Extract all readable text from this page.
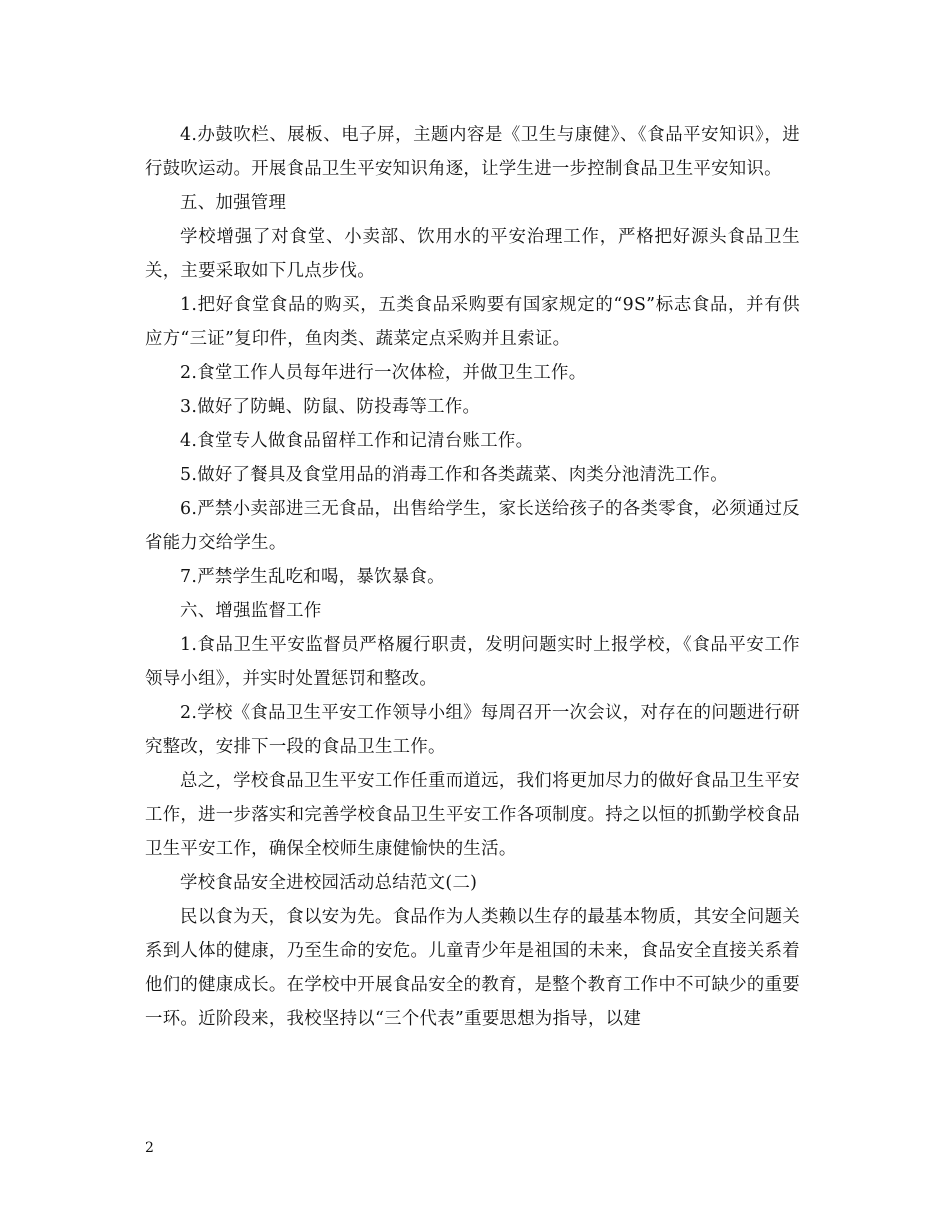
4.办鼓吹栏、展板、电子屏，主题内容是《卫生与康健》、《食品平安知识》，进行鼓吹运动。开展食品卫生平安知识角逐，让学生进一步控制食品卫生平安知识。

五、加强管理

学校增强了对食堂、小卖部、饮用水的平安治理工作，严格把好源头食品卫生关，主要采取如下几点步伐。

1.把好食堂食品的购买，五类食品采购要有国家规定的“9S”标志食品，并有供应方“三证”复印件，鱼肉类、蔬菜定点采购并且索证。

2.食堂工作人员每年进行一次体检，并做卫生工作。

3.做好了防蝇、防鼠、防投毒等工作。

4.食堂专人做食品留样工作和记清台账工作。

5.做好了餐具及食堂用品的消毒工作和各类蔬菜、肉类分池清洗工作。

6.严禁小卖部进三无食品，出售给学生，家长送给孩子的各类零食，必须通过反省能力交给学生。

7.严禁学生乱吃和喝，暴饮暴食。

六、增强监督工作

1.食品卫生平安监督员严格履行职责，发明问题实时上报学校，《食品平安工作领导小组》，并实时处置惩罚和整改。

2.学校《食品卫生平安工作领导小组》每周召开一次会议，对存在的问题进行研究整改，安排下一段的食品卫生工作。

总之，学校食品卫生平安工作任重而道远，我们将更加尽力的做好食品卫生平安工作，进一步落实和完善学校食品卫生平安工作各项制度。持之以恒的抓勤学校食品卫生平安工作，确保全校师生康健愉快的生活。

学校食品安全进校园活动总结范文(二)

民以食为天，食以安为先。食品作为人类赖以生存的最基本物质，其安全问题关系到人体的健康，乃至生命的安危。儿童青少年是祖国的未来，食品安全直接关系着他们的健康成长。在学校中开展食品安全的教育，是整个教育工作中不可缺少的重要一环。近阶段来，我校坚持以“三个代表”重要思想为指导，以建

2
